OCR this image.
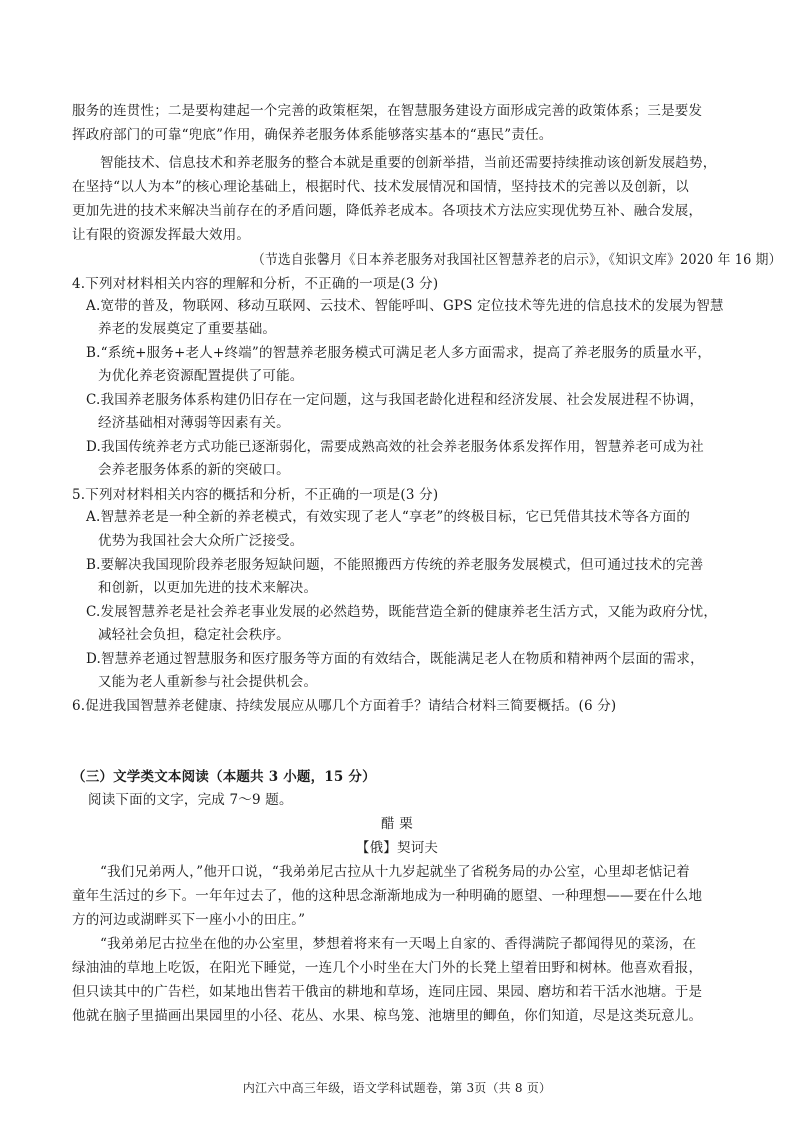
服务的连贯性；二是要构建起一个完善的政策框架，在智慧服务建设方面形成完善的政策体系；三是要发
挥政府部门的可靠“兜底”作用，确保养老服务体系能够落实基本的“惠民”责任。
智能技术、信息技术和养老服务的整合本就是重要的创新举措，当前还需要持续推动该创新发展趋势，
在坚持“以人为本”的核心理论基础上，根据时代、技术发展情况和国情，坚持技术的完善以及创新，以
更加先进的技术来解决当前存在的矛盾问题，降低养老成本。各项技术方法应实现优势互补、融合发展，
让有限的资源发挥最大效用。
（节选自张馨月《日本养老服务对我国社区智慧养老的启示》，《知识文库》2020 年 16 期）
4.下列对材料相关内容的理解和分析，不正确的一项是(3 分)
A.宽带的普及，物联网、移动互联网、云技术、智能呼叫、GPS 定位技术等先进的信息技术的发展为智慧
养老的发展奠定了重要基础。
B.“系统+服务+老人+终端”的智慧养老服务模式可满足老人多方面需求，提高了养老服务的质量水平，
为优化养老资源配置提供了可能。
C.我国养老服务体系构建仍旧存在一定问题，这与我国老龄化进程和经济发展、社会发展进程不协调，
经济基础相对薄弱等因素有关。
D.我国传统养老方式功能已逐渐弱化，需要成熟高效的社会养老服务体系发挥作用，智慧养老可成为社
会养老服务体系的新的突破口。
5.下列对材料相关内容的概括和分析，不正确的一项是(3 分)
A.智慧养老是一种全新的养老模式，有效实现了老人“享老”的终极目标，它已凭借其技术等各方面的
优势为我国社会大众所广泛接受。
B.要解决我国现阶段养老服务短缺问题，不能照搬西方传统的养老服务发展模式，但可通过技术的完善
和创新，以更加先进的技术来解决。
C.发展智慧养老是社会养老事业发展的必然趋势，既能营造全新的健康养老生活方式，又能为政府分忧，
减轻社会负担，稳定社会秩序。
D.智慧养老通过智慧服务和医疗服务等方面的有效结合，既能满足老人在物质和精神两个层面的需求，
又能为老人重新参与社会提供机会。
6.促进我国智慧养老健康、持续发展应从哪几个方面着手？请结合材料三简要概括。(6 分)
（三）文学类文本阅读（本题共 3 小题，15 分）
阅读下面的文字，完成 7～9 题。
醋 栗
【俄】契诃夫
“我们兄弟两人，”他开口说，“我弟弟尼古拉从十九岁起就坐了省税务局的办公室，心里却老惦记着
童年生活过的乡下。一年年过去了，他的这种思念渐渐地成为一种明确的愿望、一种理想——要在什么地
方的河边或湖畔买下一座小小的田庄。”
“我弟弟尼古拉坐在他的办公室里，梦想着将来有一天喝上自家的、香得满院子都闻得见的菜汤，在
绿油油的草地上吃饭，在阳光下睡觉，一连几个小时坐在大门外的长凳上望着田野和树林。他喜欢看报，
但只读其中的广告栏，如某地出售若干俄亩的耕地和草场，连同庄园、果园、磨坊和若干活水池塘。于是
他就在脑子里描画出果园里的小径、花丛、水果、椋鸟笼、池塘里的鲫鱼，你们知道，尽是这类玩意儿。
内江六中高三年级，语文学科试题卷，第 3页（共 8 页）
